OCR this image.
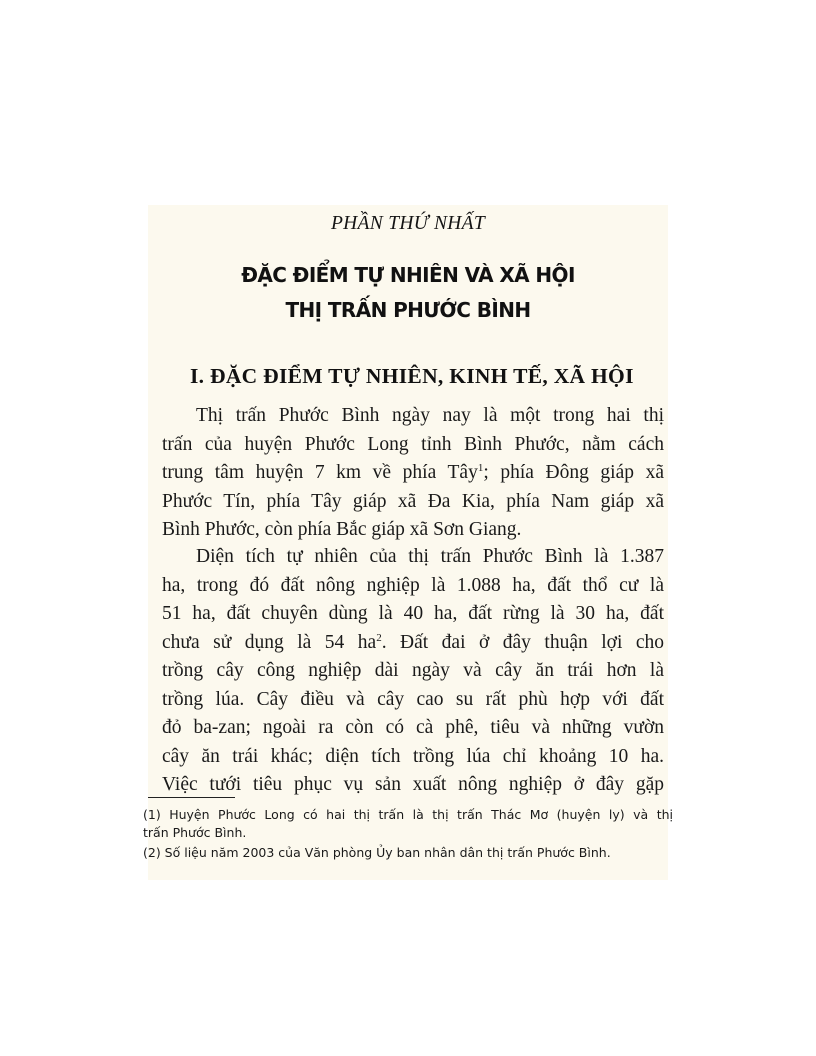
PHẦN THỨ NHẤT
ĐẶC ĐIỂM TỰ NHIÊN VÀ XÃ HỘI
THỊ TRẤN PHƯỚC BÌNH
I. ĐẶC ĐIỂM TỰ NHIÊN, KINH TẾ, XÃ HỘI
Thị trấn Phước Bình ngày nay là một trong hai thị
trấn của huyện Phước Long tỉnh Bình Phước, nằm cách
trung tâm huyện 7 km về phía Tây$^1$; phía Đông giáp xã
Phước Tín, phía Tây giáp xã Đa Kia, phía Nam giáp xã
Bình Phước, còn phía Bắc giáp xã Sơn Giang.
Diện tích tự nhiên của thị trấn Phước Bình là 1.387
ha, trong đó đất nông nghiệp là 1.088 ha, đất thổ cư là
51 ha, đất chuyên dùng là 40 ha, đất rừng là 30 ha, đất
chưa sử dụng là 54 $ha^2$. Đất đai ở đây thuận lợi cho
trồng cây công nghiệp dài ngày và cây ăn trái hơn là
trồng lúa. Cây điều và cây cao su rất phù hợp với đất
đỏ ba-zan; ngoài ra còn có cà phê, tiêu và những vườn
cây ăn trái khác; diện tích trồng lúa chỉ khoảng 10 ha.
Việc tưới tiêu phục vụ sản xuất nông nghiệp ở đây gặp
(1) Huyện Phước Long có hai thị trấn là thị trấn Thác Mơ (huyện ly) và thị
trấn Phước Bình.
(2) Số liệu năm 2003 của Văn phòng Ủy ban nhân dân thị trấn Phước Bình.
